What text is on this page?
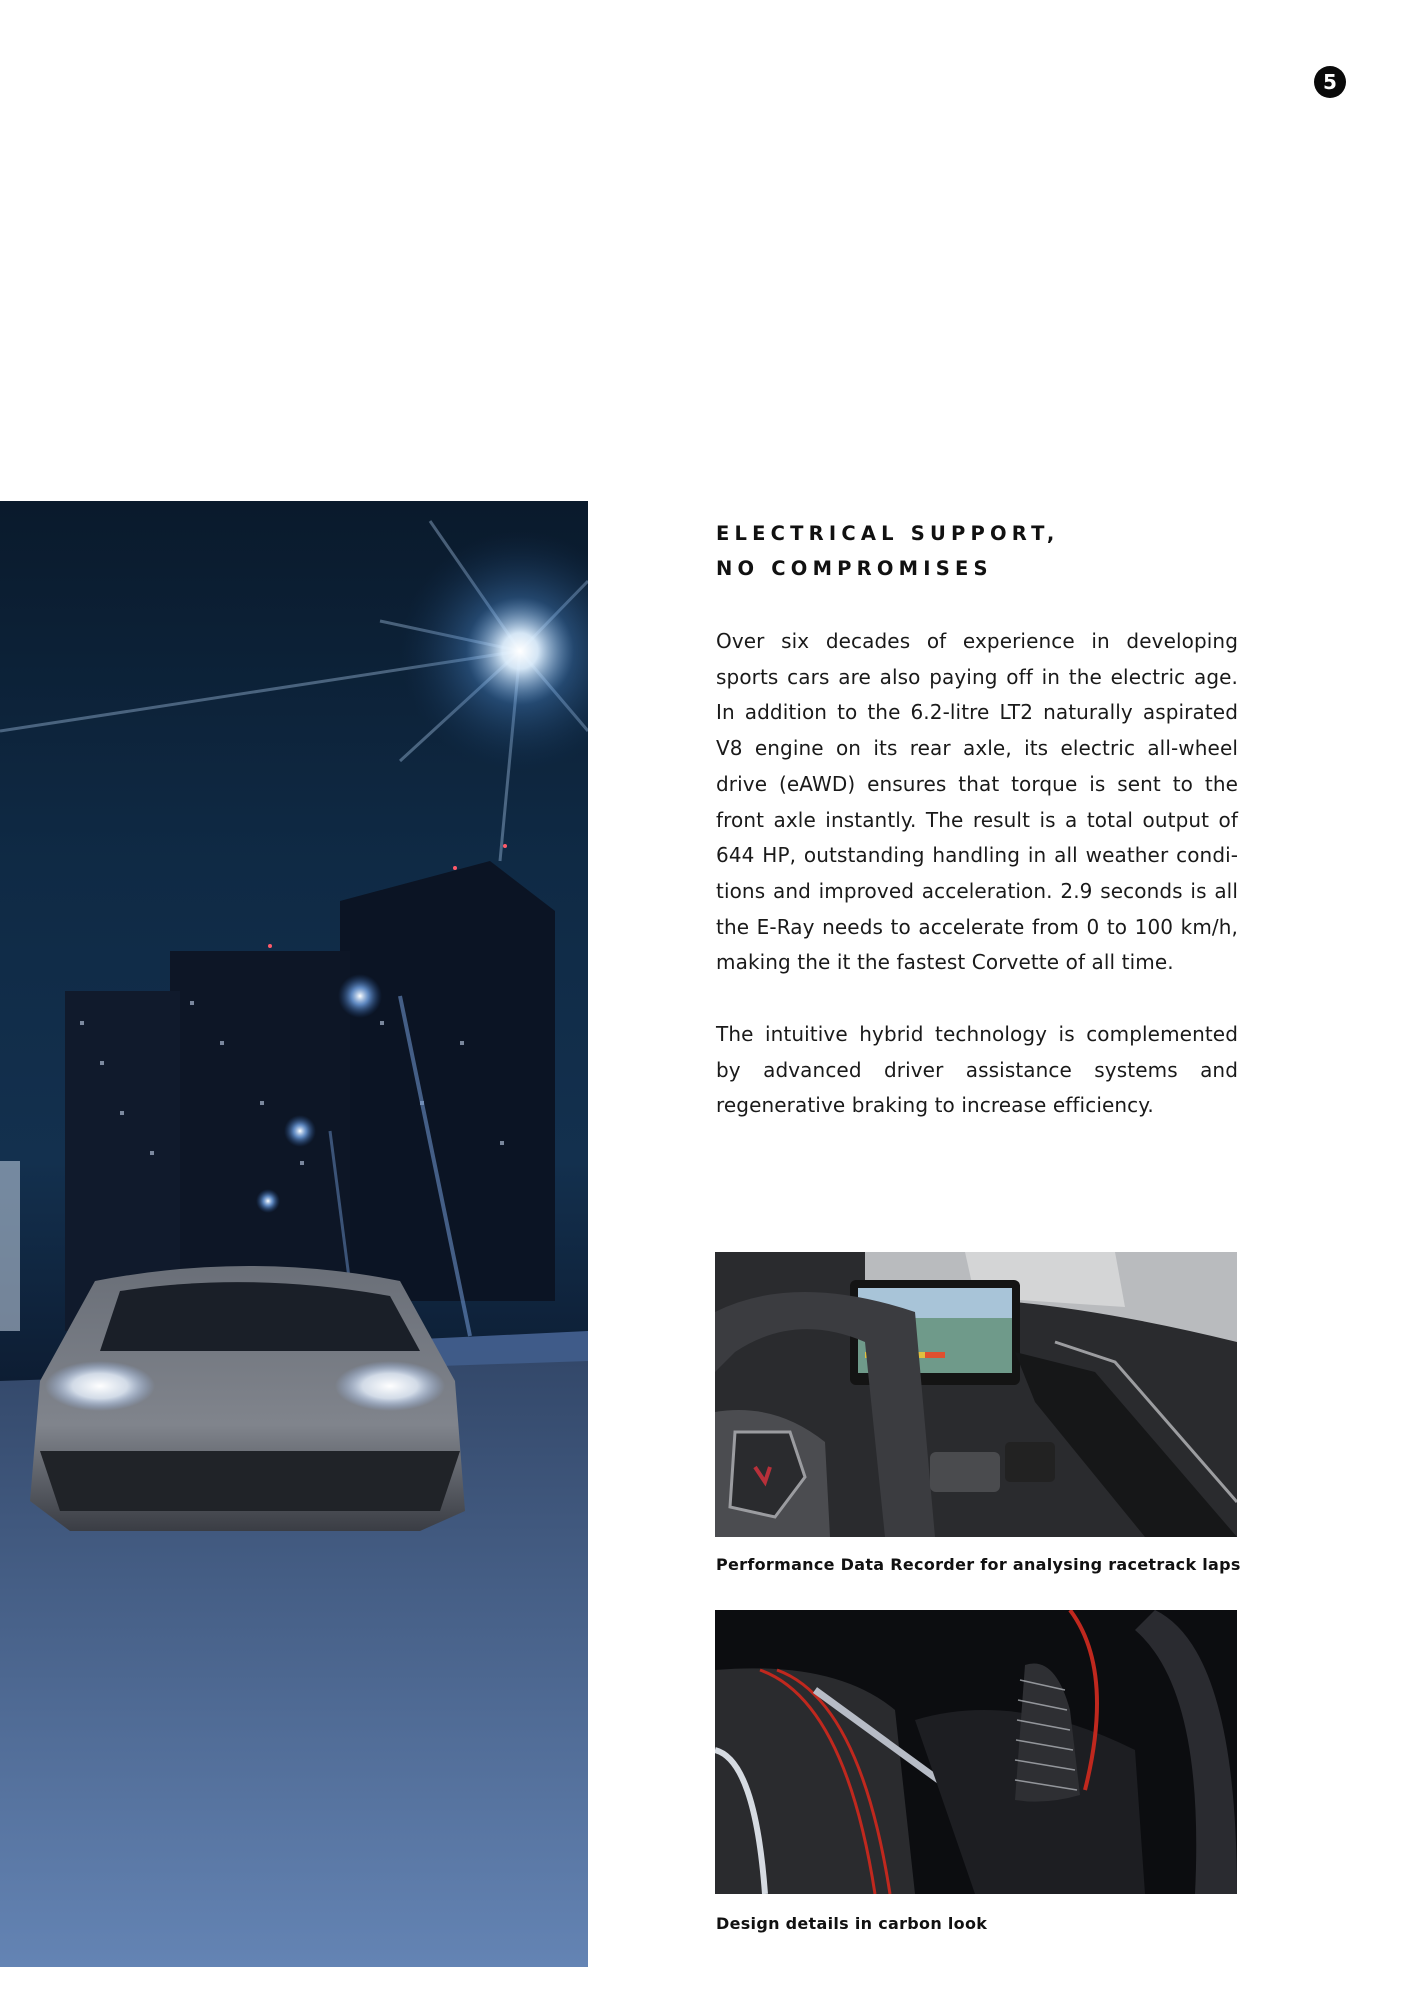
5
ELECTRICAL SUPPORT,
NO COMPROMISES

Over six decades of experience in developing sports cars are also paying off in the electric age. In addition to the 6.2-litre LT2 naturally aspirated V8 engine on its rear axle, its electric all-wheel drive (eAWD) ensures that torque is sent to the front axle instantly. The result is a total output of 644 HP, outstanding handling in all weather conditions and improved acceleration. 2.9 seconds is all the E-Ray needs to accelerate from 0 to 100 km/h, making the it the fastest Corvette of all time.

The intuitive hybrid technology is complemented by advanced driver assistance systems and regenerative braking to increase efficiency.

Performance Data Recorder for analysing racetrack laps
Design details in carbon look
